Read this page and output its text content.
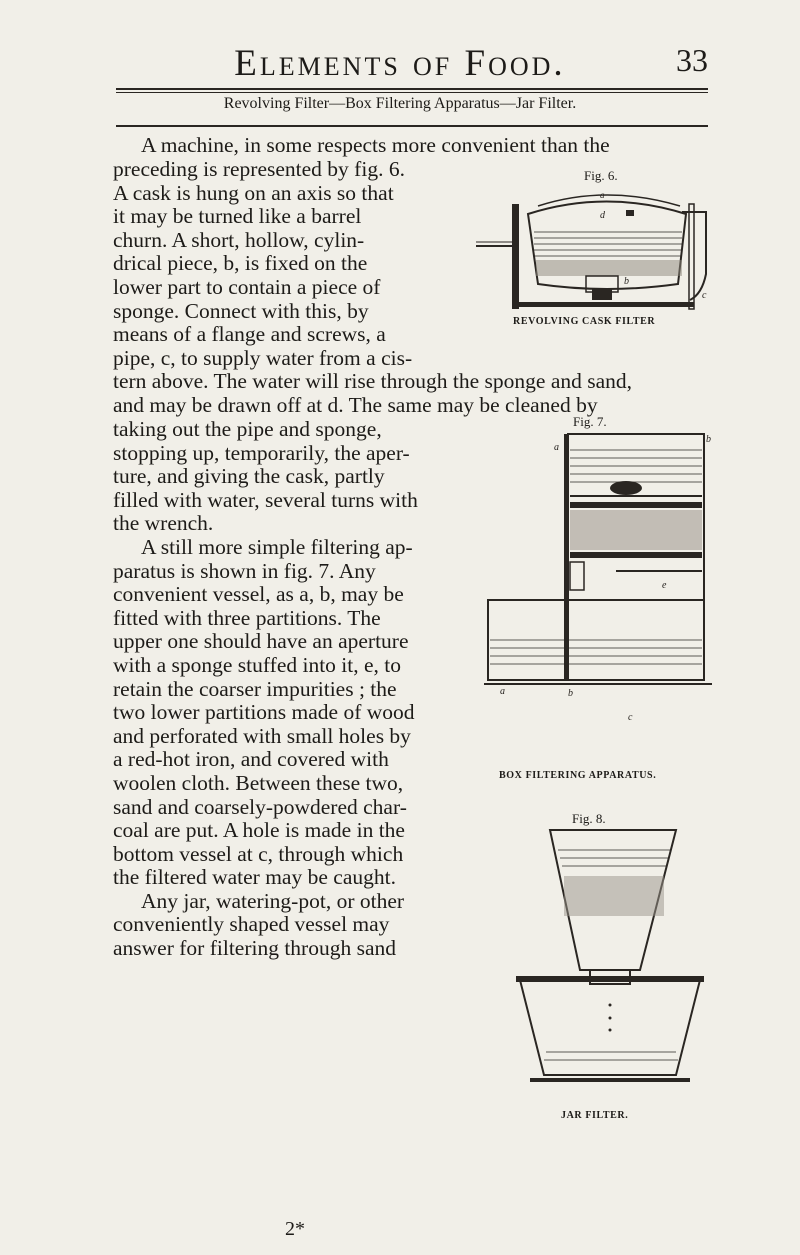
Elements of Food.	33
Revolving Filter—Box Filtering Apparatus—Jar Filter.
A machine, in some respects more convenient than the
preceding is represented by fig. 6.
A cask is hung on an axis so that
it may be turned like a barrel
churn. A short, hollow, cylin-
drical piece, b, is fixed on the
lower part to contain a piece of
sponge. Connect with this, by
means of a flange and screws, a
pipe, c, to supply water from a cis-
tern above. The water will rise through the sponge and sand,
and may be drawn off at d. The same may be cleaned by
taking out the pipe and sponge,
stopping up, temporarily, the aper-
ture, and giving the cask, partly
filled with water, several turns with
the wrench.
A still more simple filtering ap-
paratus is shown in fig. 7. Any
convenient vessel, as a, b, may be
fitted with three partitions. The
upper one should have an aperture
with a sponge stuffed into it, e, to
retain the coarser impurities ; the
two lower partitions made of wood
and perforated with small holes by
a red-hot iron, and covered with
woolen cloth. Between these two,
sand and coarsely-powdered char-
coal are put. A hole is made in the
bottom vessel at c, through which
the filtered water may be caught.
Any jar, watering-pot, or other
conveniently shaped vessel may
answer for filtering through sand
2*
Fig. 6.
a
d
b
c
REVOLVING CASK FILTER
Fig. 7.
a
b
e
a	b
c
BOX FILTERING APPARATUS.
Fig. 8.
JAR FILTER.
